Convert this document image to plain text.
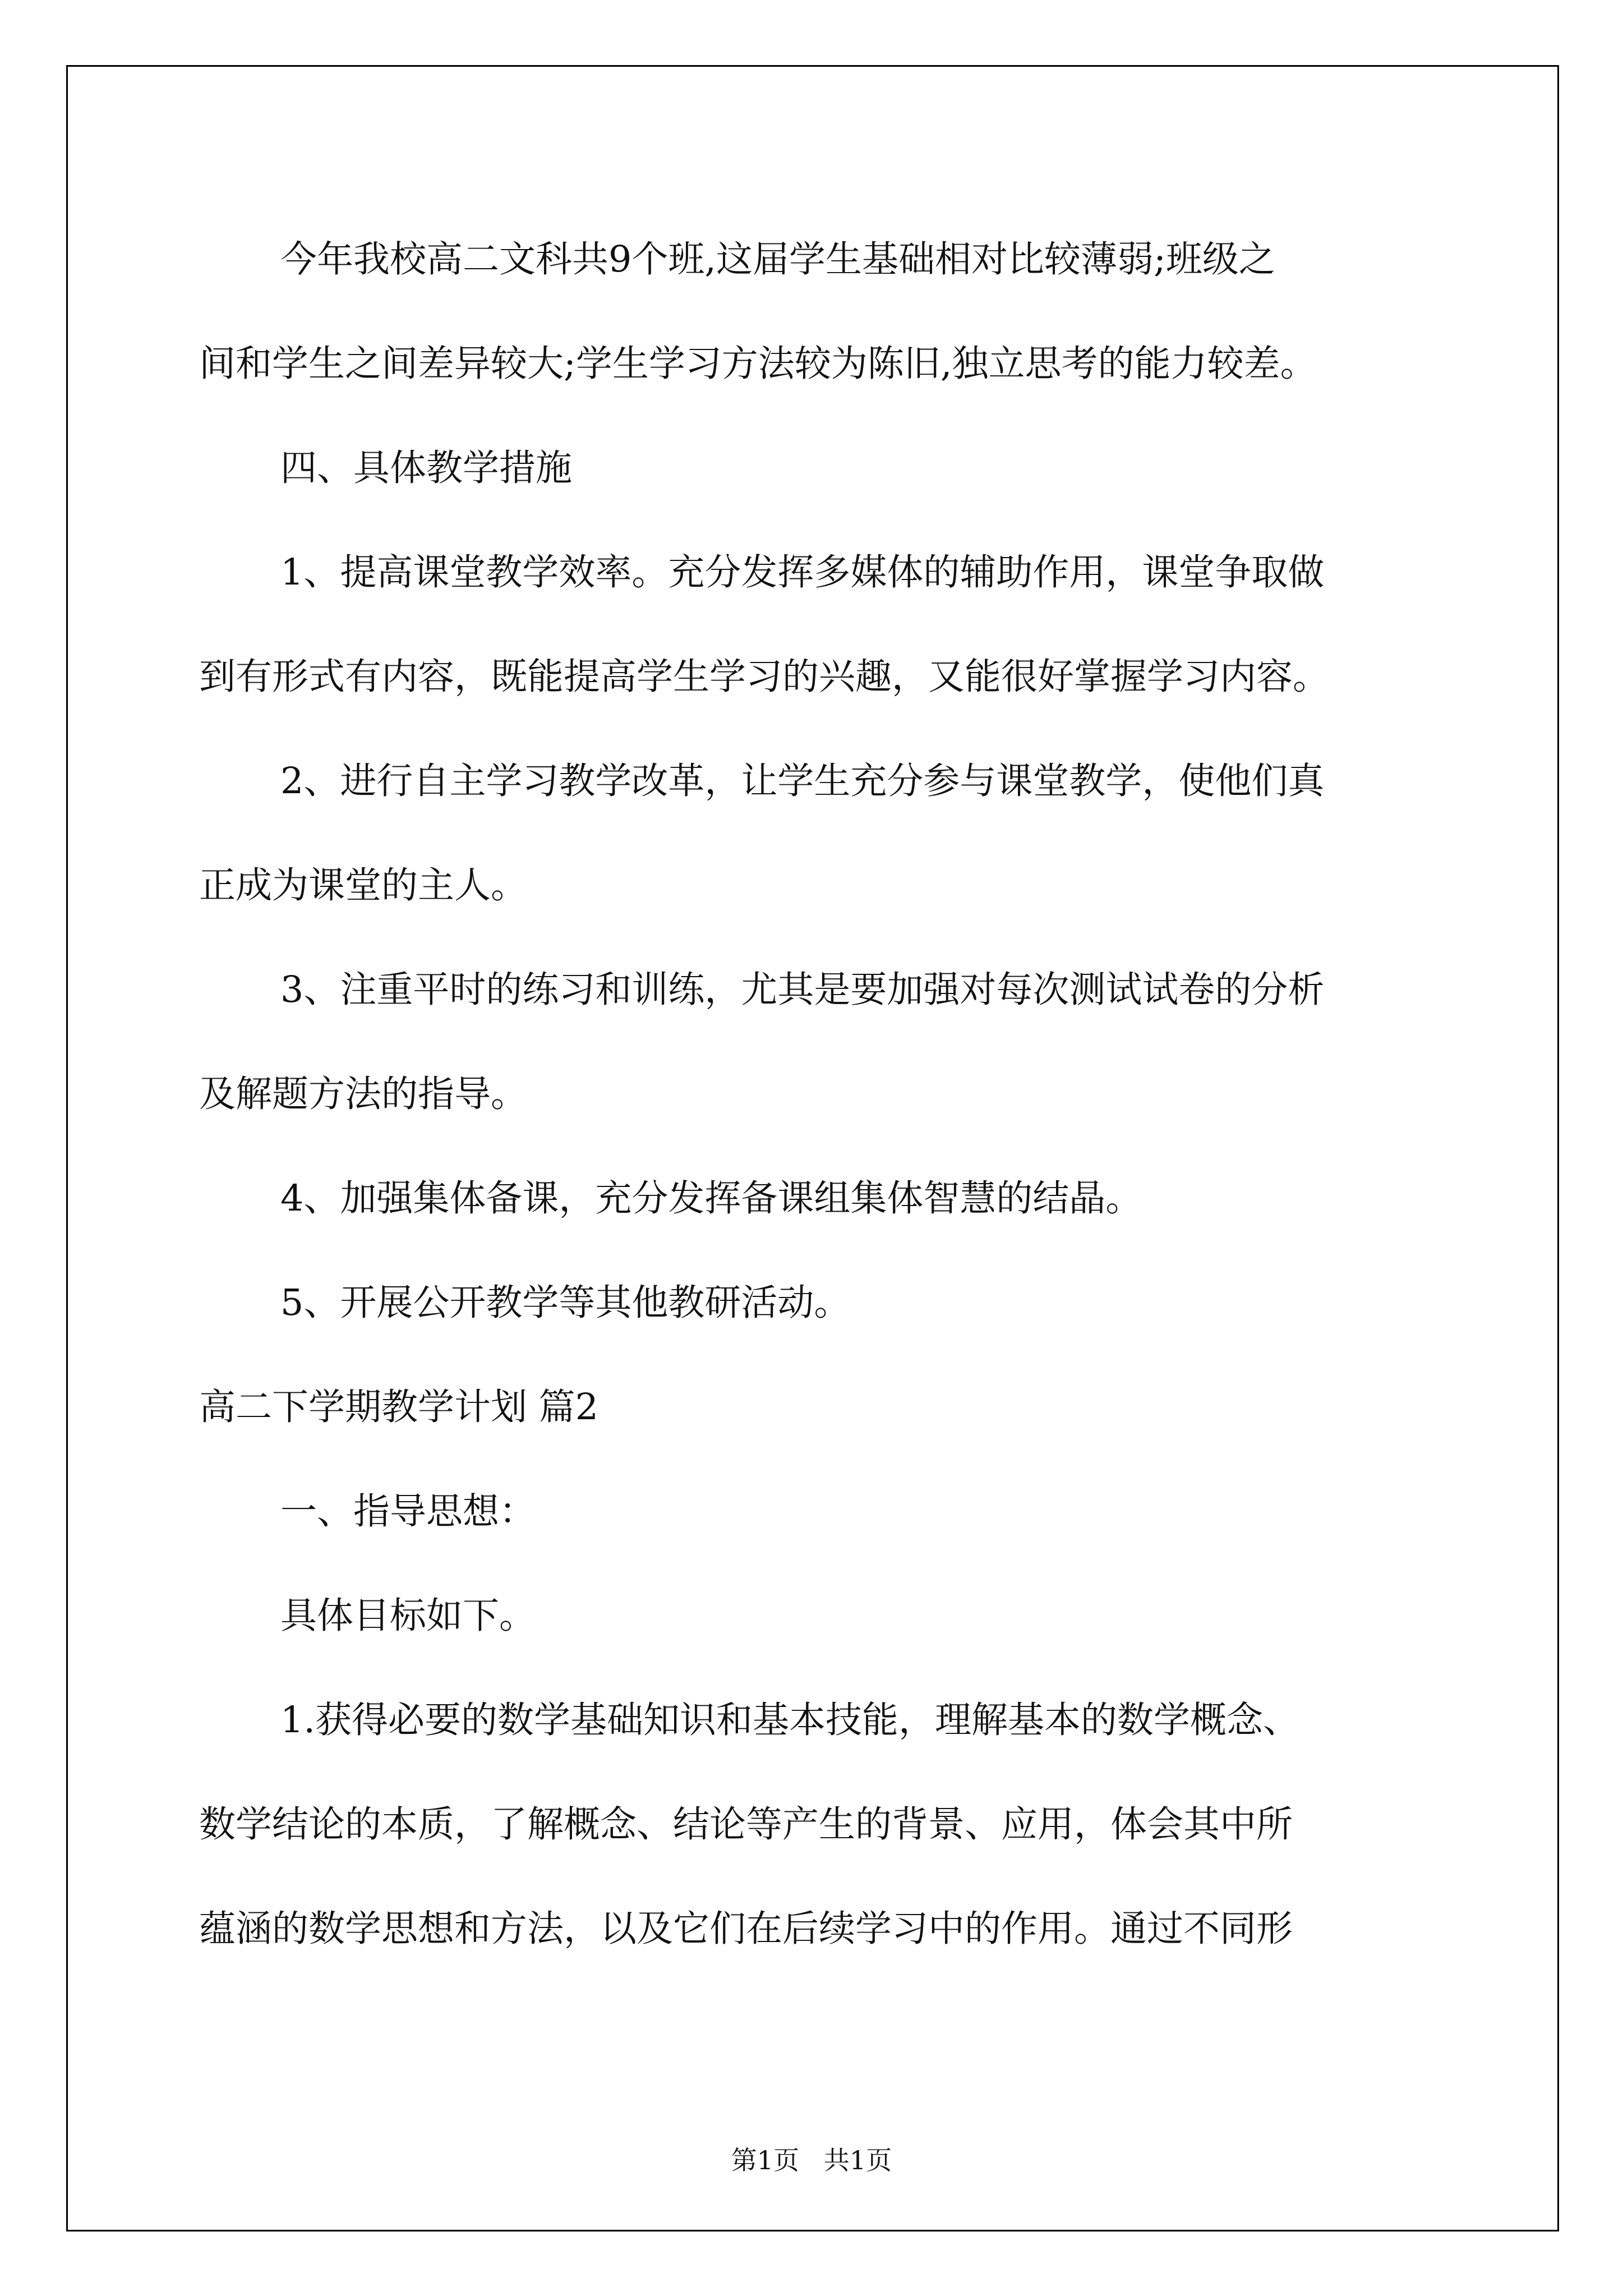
今年我校高二文科共9个班,这届学生基础相对比较薄弱;班级之

间和学生之间差异较大;学生学习方法较为陈旧,独立思考的能力较差。

四、具体教学措施

1、提高课堂教学效率。充分发挥多媒体的辅助作用，课堂争取做

到有形式有内容，既能提高学生学习的兴趣，又能很好掌握学习内容。

2、进行自主学习教学改革，让学生充分参与课堂教学，使他们真

正成为课堂的主人。

3、注重平时的练习和训练，尤其是要加强对每次测试试卷的分析

及解题方法的指导。

4、加强集体备课，充分发挥备课组集体智慧的结晶。

5、开展公开教学等其他教研活动。

高二下学期教学计划 篇2

一、指导思想：

具体目标如下。

1.获得必要的数学基础知识和基本技能，理解基本的数学概念、

数学结论的本质，了解概念、结论等产生的背景、应用，体会其中所

蕴涵的数学思想和方法，以及它们在后续学习中的作用。通过不同形

第1页   共1页
